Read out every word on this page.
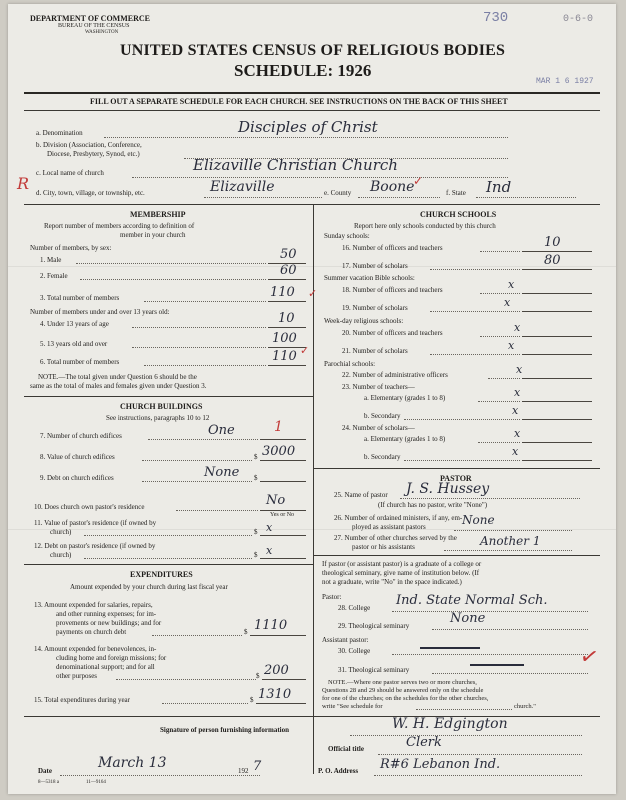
DEPARTMENT OF COMMERCE
BUREAU OF THE CENSUS
WASHINGTON
730	0-6-0
UNITED STATES CENSUS OF RELIGIOUS BODIES
SCHEDULE: 1926
MAR 1 6 1927
FILL OUT A SEPARATE SCHEDULE FOR EACH CHURCH. SEE INSTRUCTIONS ON THE BACK OF THIS SHEET
a. Denomination	Disciples of Christ
b. Division (Association, Conference,
Diocese, Presbytery, Synod, etc.)
c. Local name of church	Elizaville Christian Church
R d. City, town, village, or township, etc.	Elizaville	e. County Boone
✓
f. State Ind
MEMBERSHIP
Report number of members according to definition of
member in your church
Number of members, by sex:
1. Male	50
2. Female	60
3. Total number of members	110 ✓
Number of members under and over 13 years old:
4. Under 13 years of age	10
5. 13 years old and over	100
6. Total number of members	110 ✓
NOTE.—The total given under Question 6 should be the
same as the total of males and females given under Question 3.
CHURCH BUILDINGS
See instructions, paragraphs 10 to 12
7. Number of church edifices	One	1
8. Value of church edifices	$ 3000
9. Debt on church edifices	$
None
10. Does church own pastor's residence	No
Yes or No
11. Value of pastor's residence (if owned by
church)	$ x
12. Debt on pastor's residence (if owned by
church)	$ x
EXPENDITURES
Amount expended by your church during last fiscal year
13. Amount expended for salaries, repairs,
and other running expenses; for im-
provements or new buildings; and for
payments on church debt	$ 1110
14. Amount expended for benevolences, in-
cluding home and foreign missions; for
denominational support; and for all
other purposes	$ 200
15. Total expenditures during year	$ 1310
CHURCH SCHOOLS
Report here only schools conducted by this church
Sunday schools:
16. Number of officers and teachers	10
17. Number of scholars	80
Summer vacation Bible schools:
18. Number of officers and teachers	x
19. Number of scholars	x
Week-day religious schools:
20. Number of officers and teachers	x
21. Number of scholars	x
Parochial schools:
22. Number of administrative officers	x
23. Number of teachers—
a. Elementary (grades 1 to 8)	x
b. Secondary	x
24. Number of scholars—
a. Elementary (grades 1 to 8)	x
b. Secondary	x
PASTOR
25. Name of pastor J. S. Hussey
(If church has no pastor, write "None")
26. Number of ordained ministers, if any, em-
ployed as assistant pastors	None
27. Number of other churches served by the
pastor or his assistants	Another 1
If pastor (or assistant pastor) is a graduate of a college or
theological seminary, give name of institution below. (If
not a graduate, write "No" in the space indicated.)
Pastor:
28. College Ind. State Normal Sch.
29. Theological seminary	None
Assistant pastor:
30. College
31. Theological seminary
NOTE.—Where one pastor serves two or more churches,
Questions 28 and 29 should be answered only on the schedule
for one of the churches; on the schedules for the other churches,
write "See schedule for	church."
✓
Signature of person furnishing information	W. H. Edgington
Official title	Clerk
Date	March 13	192 7	P. O. Address R#6 Lebanon Ind.
8—5318 a	11—9164
